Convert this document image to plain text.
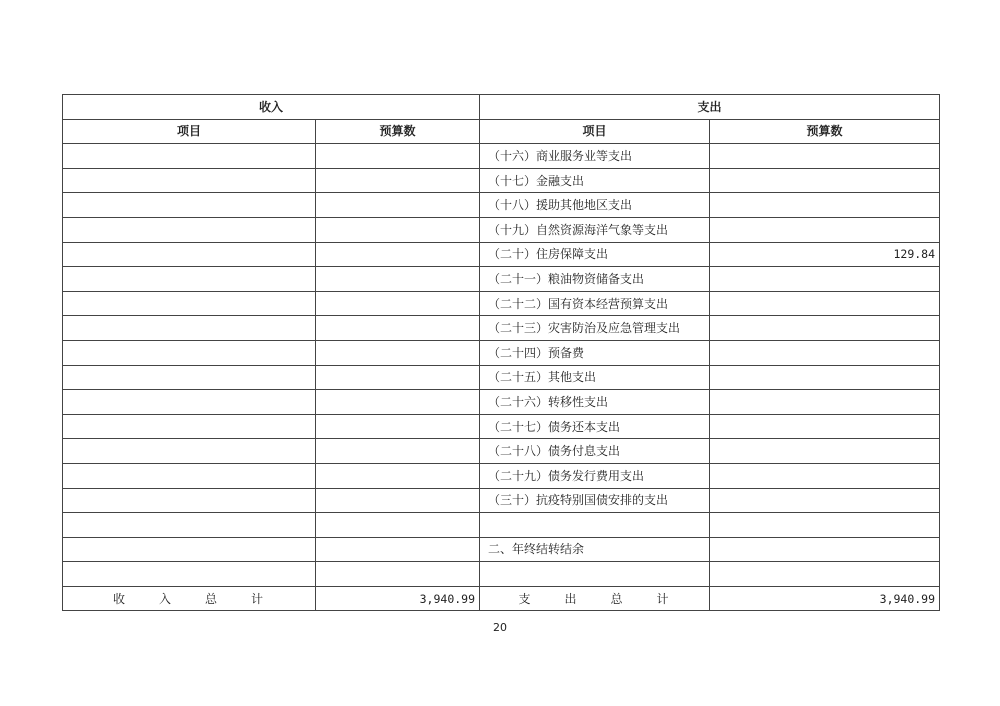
收入		支出	
项目	预算数	项目	预算数
		（十六）商业服务业等支出	
		（十七）金融支出	
		（十八）援助其他地区支出	
		（十九）自然资源海洋气象等支出	
		（二十）住房保障支出	129.84
		（二十一）粮油物资储备支出	
		（二十二）国有资本经营预算支出	
		（二十三）灾害防治及应急管理支出	
		（二十四）预备费	
		（二十五）其他支出	
		（二十六）转移性支出	
		（二十七）债务还本支出	
		（二十八）债务付息支出	
		（二十九）债务发行费用支出	
		（三十）抗疫特别国债安排的支出	

		二、年终结转结余	

收 入 总 计	3,940.99	支 出 总 计	3,940.99
20
